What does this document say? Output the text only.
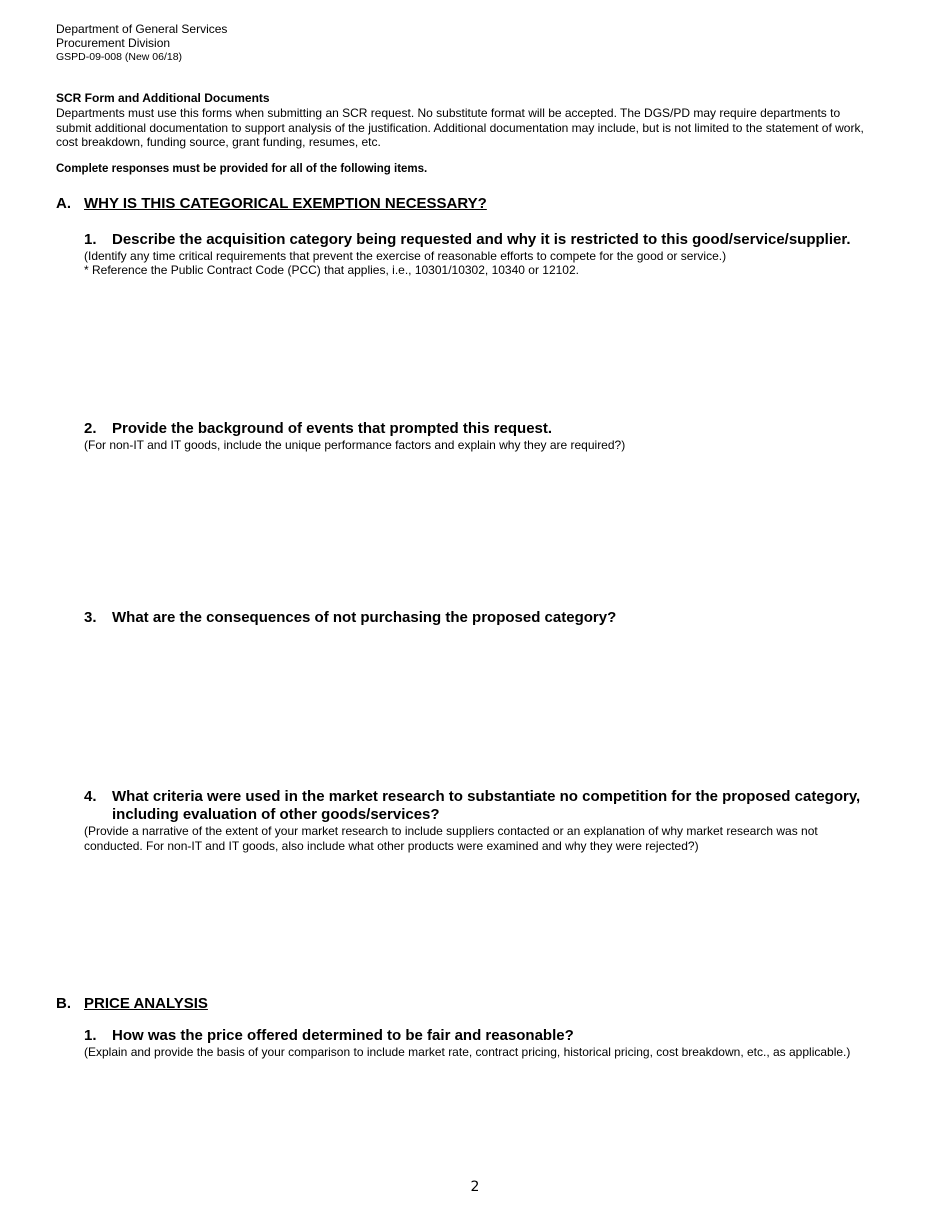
Department of General Services
Procurement Division
GSPD-09-008 (New 06/18)
SCR Form and Additional Documents
Departments must use this forms when submitting an SCR request. No substitute format will be accepted. The DGS/PD may require departments to submit additional documentation to support analysis of the justification. Additional documentation may include, but is not limited to the statement of work, cost breakdown, funding source, grant funding, resumes, etc.
Complete responses must be provided for all of the following items.
A. WHY IS THIS CATEGORICAL EXEMPTION NECESSARY?
1. Describe the acquisition category being requested and why it is restricted to this good/service/supplier.
(Identify any time critical requirements that prevent the exercise of reasonable efforts to compete for the good or service.)
* Reference the Public Contract Code (PCC) that applies, i.e., 10301/10302, 10340 or 12102.
2. Provide the background of events that prompted this request.
(For non-IT and IT goods, include the unique performance factors and explain why they are required?)
3. What are the consequences of not purchasing the proposed category?
4. What criteria were used in the market research to substantiate no competition for the proposed category, including evaluation of other goods/services?
(Provide a narrative of the extent of your market research to include suppliers contacted or an explanation of why market research was not conducted. For non-IT and IT goods, also include what other products were examined and why they were rejected?)
B. PRICE ANALYSIS
1. How was the price offered determined to be fair and reasonable?
(Explain and provide the basis of your comparison to include market rate, contract pricing, historical pricing, cost breakdown, etc., as applicable.)
2
